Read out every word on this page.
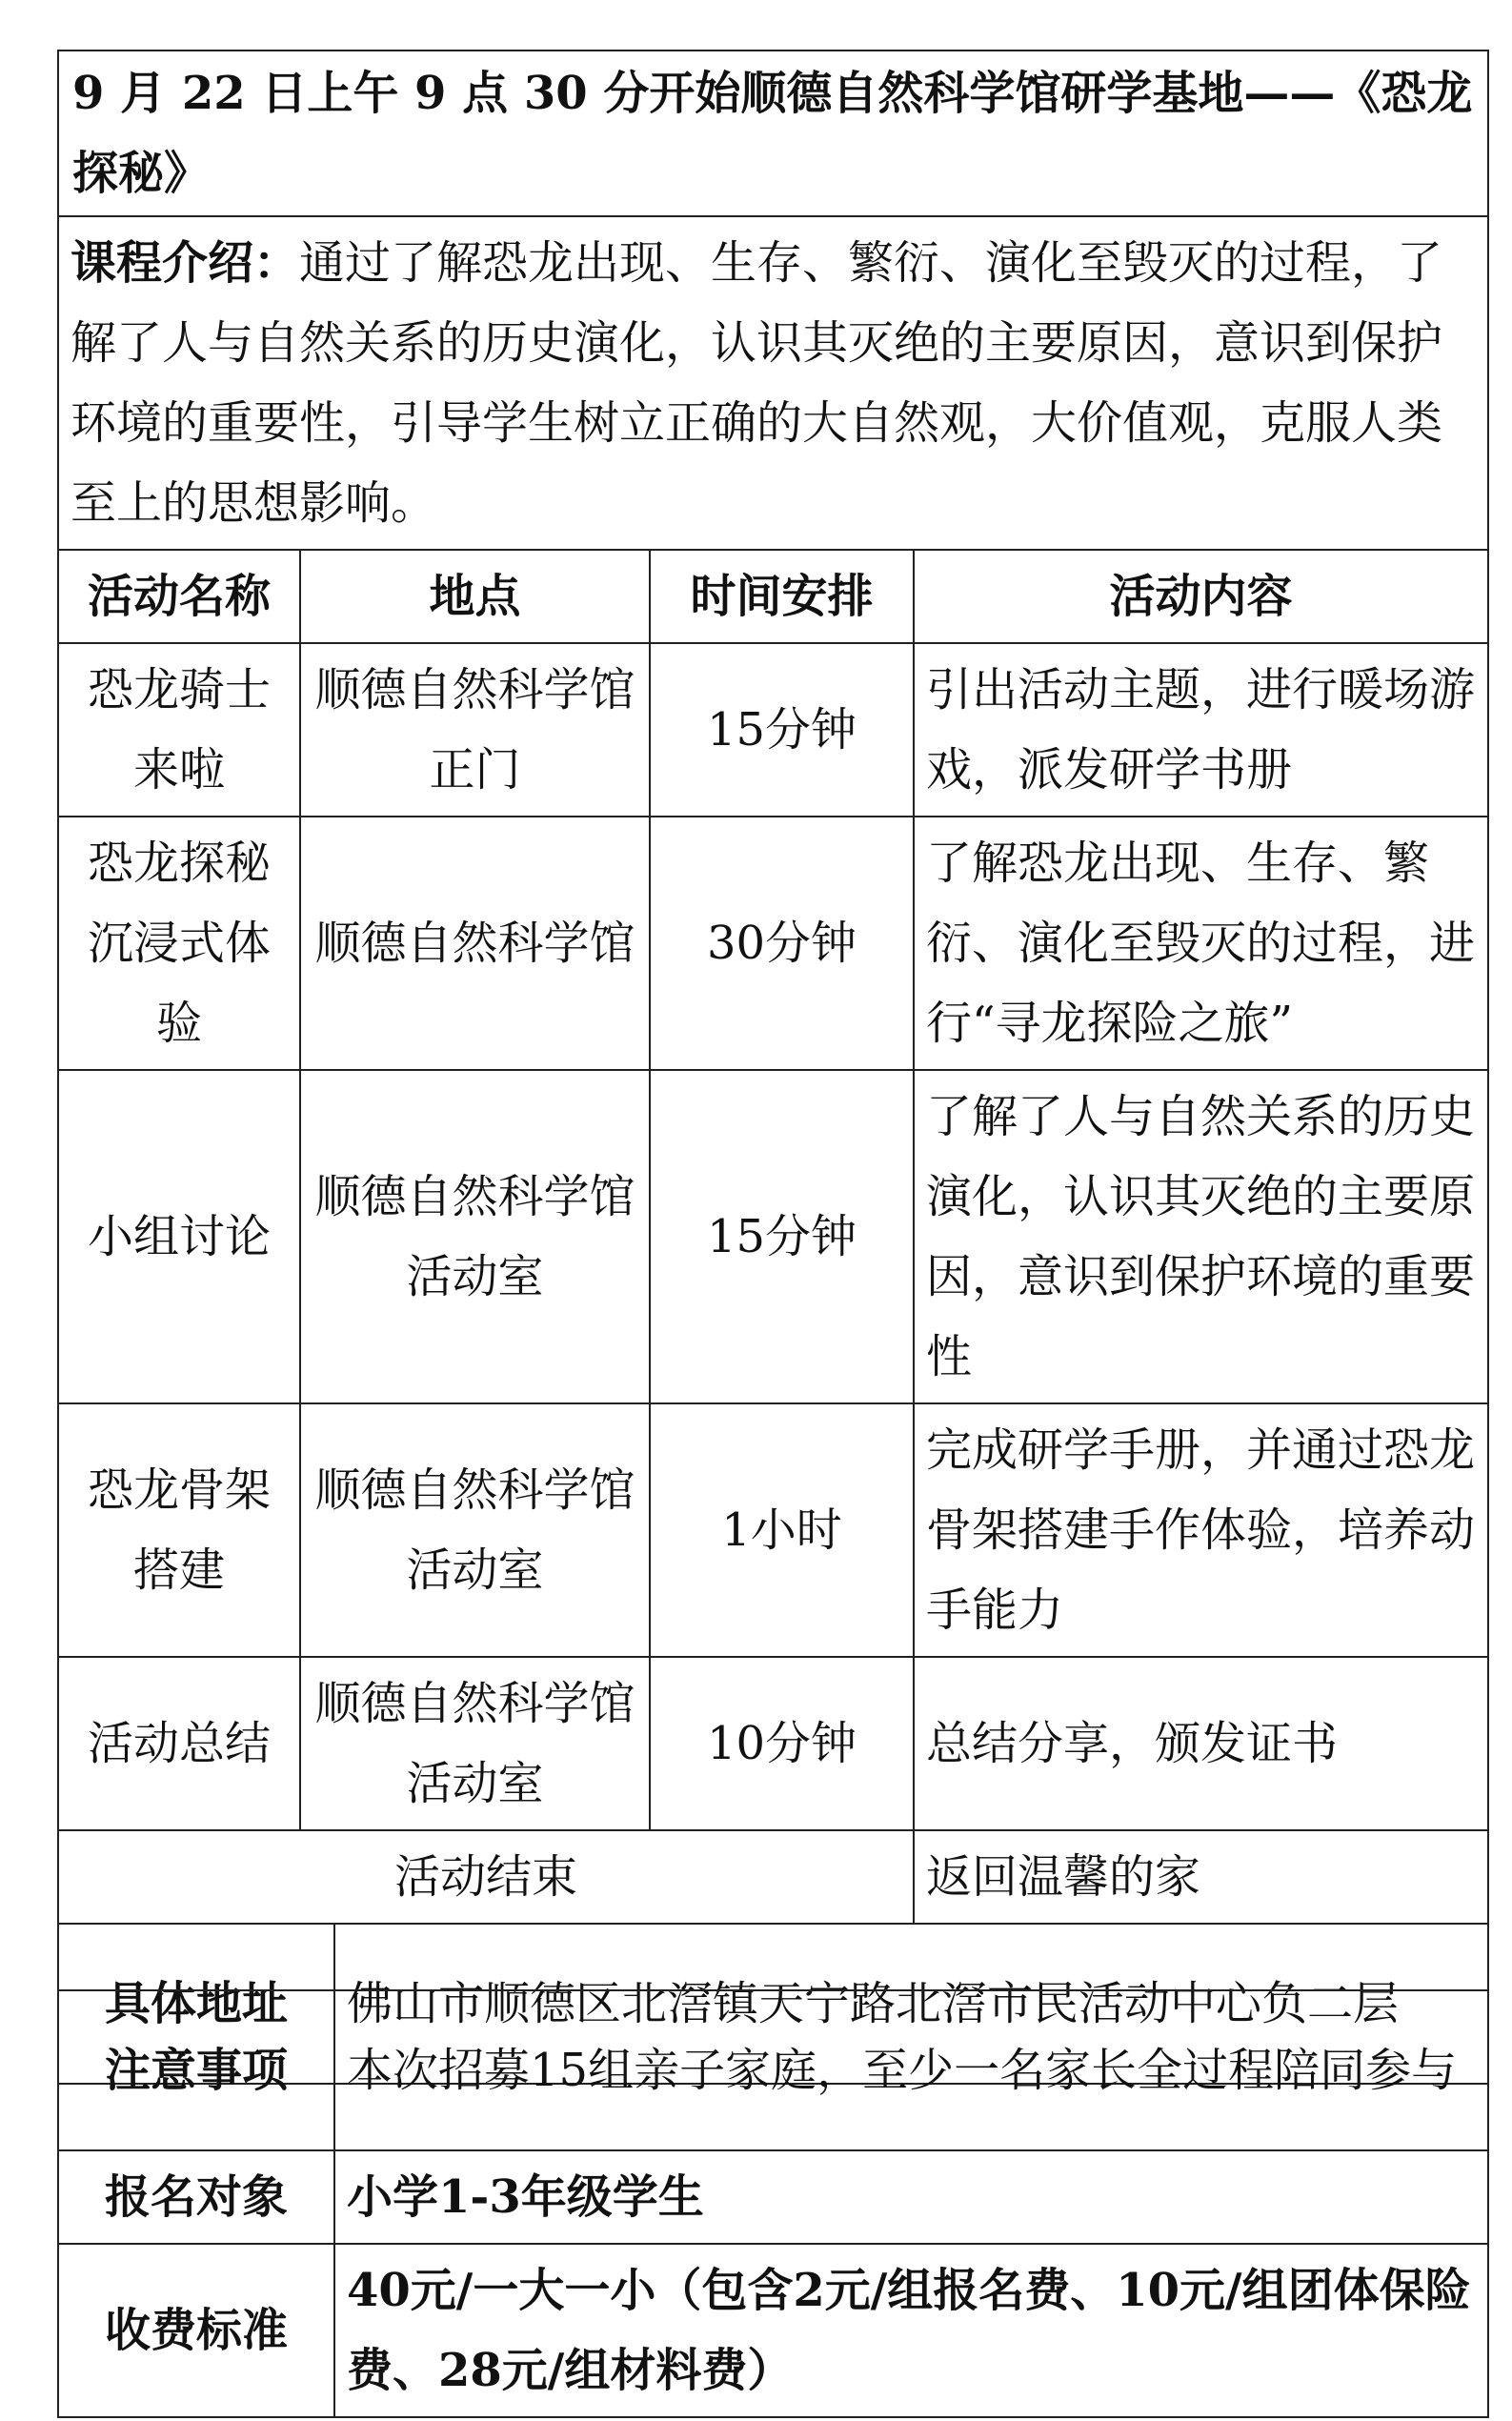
9 月 22 日上午 9 点 30 分开始顺德自然科学馆研学基地——《恐龙探秘》				
课程介绍：通过了解恐龙出现、生存、繁衍、演化至毁灭的过程，了解了人与自然关系的历史演化，认识其灭绝的主要原因，意识到保护环境的重要性，引导学生树立正确的大自然观，大价值观，克服人类至上的思想影响。				
活动名称	地点		时间安排	活动内容
恐龙骑士来啦	顺德自然科学馆正门		15分钟	引出活动主题，进行暖场游戏，派发研学书册
恐龙探秘沉浸式体验	顺德自然科学馆		30分钟	了解恐龙出现、生存、繁衍、演化至毁灭的过程，进行“寻龙探险之旅”
小组讨论	顺德自然科学馆活动室		15分钟	了解了人与自然关系的历史演化，认识其灭绝的主要原因，意识到保护环境的重要性
恐龙骨架搭建	顺德自然科学馆活动室		1小时	完成研学手册，并通过恐龙骨架搭建手作体验，培养动手能力
活动总结	顺德自然科学馆活动室		10分钟	总结分享，颁发证书
活动结束				返回温馨的家
具体地址		佛山市顺德区北滘镇天宁路北滘市民活动中心负二层		
注意事项	本次招募15组亲子家庭，至少一名家长全过程陪同参与
报名对象	小学1-3年级学生
收费标准	40元/一大一小（包含2元/组报名费、10元/组团体保险费、28元/组材料费）
